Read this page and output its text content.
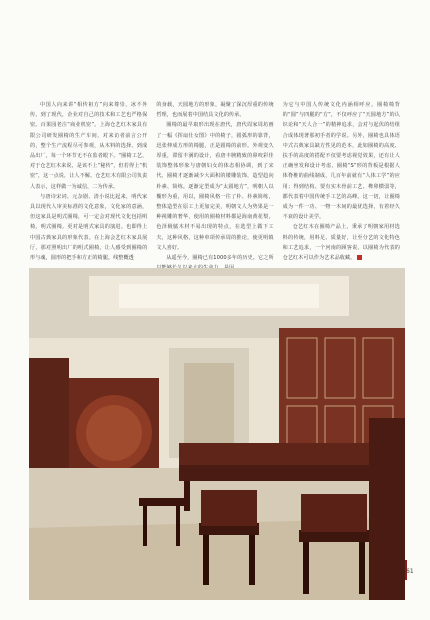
中国人向来讲“相传祖方”向来尊崇，冰不外传。到了现代，企业对自己的技术和工艺也严格保密。百果园老注“商业机密”。上海仓艺红木家具有限公司研发圈椅的生产车间，对来访者前言公开的，整个生产流程尽可参观，从木料的选择、到成品出厂，每一个环节无不在监者眼下。“圈椅工艺，对于仓艺红木来说，是该不上“秘传”，但若得上“机密”，这一点说，让人不解。仓艺红木有限公司负责人表示，这样做一为诚信，二为传承。

与唐诗宋词、元杂剧、清小说比起来，明代家具以现代人审美标准的文化意象，文化家的意涵，但这家具是明式圈椅，可一定会对现代文化包括明椅、明式圈椅。更对是明式家具的演进。也即得上中国古典家具的形象代表。在上海会艺红木家具展厅，那对照明出厂的明式圈椅，让人感受到圈椅的形与魂，圆形的把手和方正的椅腿。线整概透

的身载，天圆地方的形象，凝聚了深沉厚重的传统哲理，也而展着中国结具文化的传承。

圈椅的最早取形出现在唐代，唐代周家周坊画了一幅《挥扇仕女图》中的椅子，圆弧形的靠背，迅张伸成方形的椅腿，正是圆椅的前形。外观变久厚重，滞留丰满的设计，看唐丰腴精致的鼻咬彩佳装饰整体形象与唐朝妇女的体态相协调，到了宋代，圈椅才逐渐减少大面积的镂雕装饰，造型趋向朴素、简练。逐渐定型成为“太圆地方”，明朝人以椭形为重，用以，圈椅风格一往了朴、朴素简练，整体造型在原工上更加完美，明朝文人为势果是一种视雕的奢华，使用的圈椅材料都是海南黄花梨，色泽极腻木材不易出现的特点，在选型上做下工夫，这种风格，这种单项传承周的推论，使更明镇文人喜好。

从遥至今，圈椅已有1000多年的历史。它之所

为它与中国人传统文化内涵相呼应。圈椅椅背的“圆”与四腿的“方”，不仅呼应了“天圆地方”的认识论和“天人合一”的精神追求，会对与起伏的结组合成体现著那初手者的学说。另外，圈椅也具体语中式古典家具缺方性见的范本，此如圈椅的高度、扶手的高度的搭配不仅要考虑视觉效果，还有让人正确坐发和设计考虑，圈椅“S”形的背板是根据人体脊椎的曲线制成，几百年前就有“人体工学”的应用；得到结构、要有实木骨前工艺、榫卯横弱等，都代表着中国传统手工艺的高峰。这一切，让圈椅成为一件一功、一物一木间的最优选择，有着经久不衰的设计美学。

仓艺红木在圈椅产品上，秉承了明朝家用材选料的传统，用料足、质量好，让至分艺的文化特色和工艺追求，一个河南的顾客说，以圈椅为代表的仓艺红木可以作为艺术品收藏。

61
